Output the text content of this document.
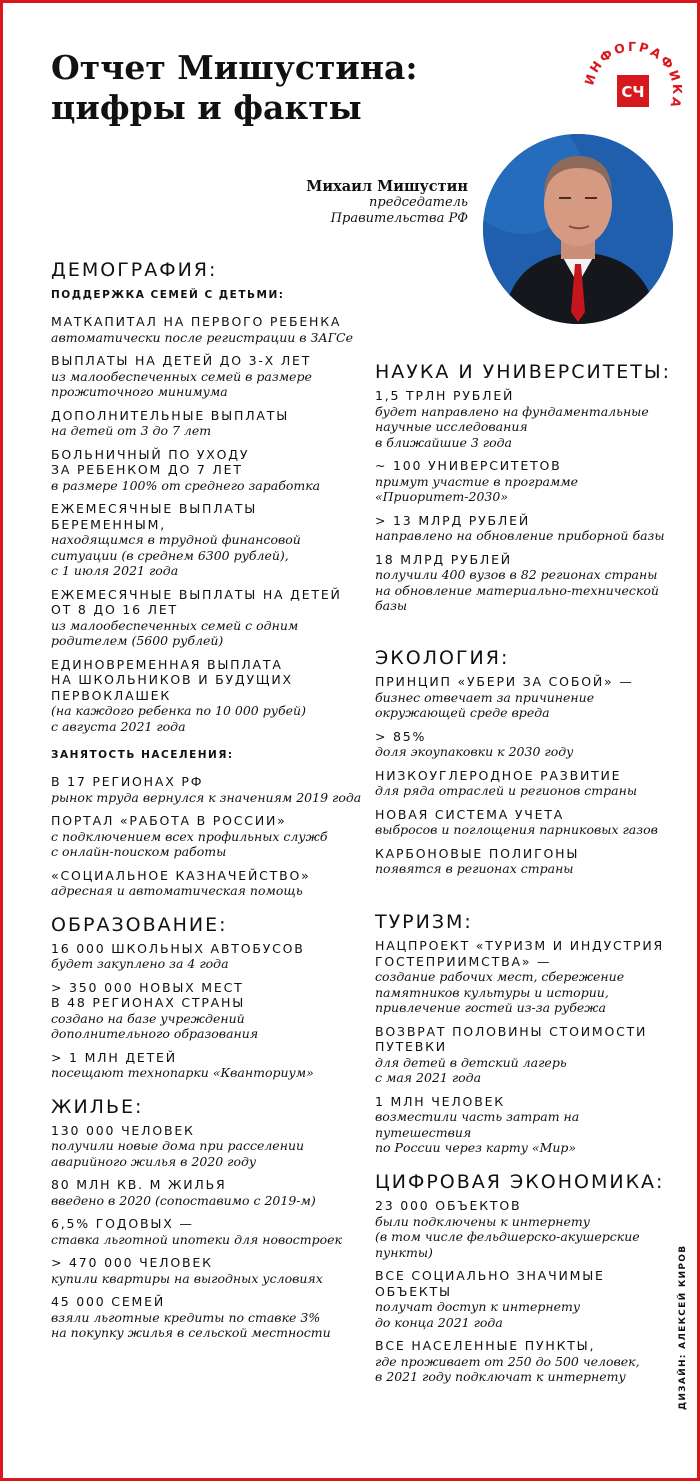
Отчет Мишустина:
цифры и факты
ИНФОГРАФИКА
СЧ
Михаил Мишустин
председатель Правительства РФ
ДЕМОГРАФИЯ:
ПОДДЕРЖКА СЕМЕЙ С ДЕТЬМИ:
МАТКАПИТАЛ НА ПЕРВОГО РЕБЕНКА
автоматически после регистрации в ЗАГСе
ВЫПЛАТЫ НА ДЕТЕЙ ДО 3-Х ЛЕТ
из малообеспеченных семей в размере
прожиточного минимума
ДОПОЛНИТЕЛЬНЫЕ ВЫПЛАТЫ
на детей от 3 до 7 лет
БОЛЬНИЧНЫЙ ПО УХОДУ
ЗА РЕБЕНКОМ ДО 7 ЛЕТ
в размере 100% от среднего заработка
ЕЖЕМЕСЯЧНЫЕ ВЫПЛАТЫ
БЕРЕМЕННЫМ,
находящимся в трудной финансовой
ситуации (в среднем 6300 рублей),
с 1 июля 2021 года
ЕЖЕМЕСЯЧНЫЕ ВЫПЛАТЫ НА ДЕТЕЙ
ОТ 8 ДО 16 ЛЕТ
из малообеспеченных семей с одним
родителем (5600 рублей)
ЕДИНОВРЕМЕННАЯ ВЫПЛАТА
НА ШКОЛЬНИКОВ И БУДУЩИХ
ПЕРВОКЛАШЕК
(на каждого ребенка по 10 000 рубей)
с августа 2021 года
ЗАНЯТОСТЬ НАСЕЛЕНИЯ:
В 17 РЕГИОНАХ РФ
рынок труда вернулся к значениям 2019 года
ПОРТАЛ «РАБОТА В РОССИИ»
с подключением всех профильных служб
с онлайн-поиском работы
«СОЦИАЛЬНОЕ КАЗНАЧЕЙСТВО»
адресная и автоматическая помощь
ОБРАЗОВАНИЕ:
16 000 ШКОЛЬНЫХ АВТОБУСОВ
будет закуплено за 4 года
> 350 000 НОВЫХ МЕСТ
В 48 РЕГИОНАХ СТРАНЫ
создано на базе учреждений
дополнительного образования
> 1 МЛН ДЕТЕЙ
посещают технопарки «Кванториум»
ЖИЛЬЕ:
130 000 ЧЕЛОВЕК
получили новые дома при расселении
аварийного жилья в 2020 году
80 МЛН КВ. М ЖИЛЬЯ
введено в 2020 (сопоставимо с 2019-м)
6,5% ГОДОВЫХ —
ставка льготной ипотеки для новостроек
> 470 000 ЧЕЛОВЕК
купили квартиры на выгодных условиях
45 000 СЕМЕЙ
взяли льготные кредиты по ставке 3%
на покупку жилья в сельской местности
НАУКА И УНИВЕРСИТЕТЫ:
1,5 ТРЛН РУБЛЕЙ
будет направлено на фундаментальные
научные исследования
в ближайшие 3 года
~ 100 УНИВЕРСИТЕТОВ
примут участие в программе
«Приоритет-2030»
> 13 МЛРД РУБЛЕЙ
направлено на обновление приборной базы
18 МЛРД РУБЛЕЙ
получили 400 вузов в 82 регионах страны
на обновление материально-технической
базы
ЭКОЛОГИЯ:
ПРИНЦИП «УБЕРИ ЗА СОБОЙ» —
бизнес отвечает за причинение
окружающей среде вреда
> 85%
доля экоупаковки к 2030 году
НИЗКОУГЛЕРОДНОЕ РАЗВИТИЕ
для ряда отраслей и регионов страны
НОВАЯ СИСТЕМА УЧЕТА
выбросов и поглощения парниковых газов
КАРБОНОВЫЕ ПОЛИГОНЫ
появятся в регионах страны
ТУРИЗМ:
НАЦПРОЕКТ «ТУРИЗМ И ИНДУСТРИЯ
ГОСТЕПРИИМСТВА» —
создание рабочих мест, сбережение
памятников культуры и истории,
привлечение гостей из-за рубежа
ВОЗВРАТ ПОЛОВИНЫ СТОИМОСТИ
ПУТЕВКИ
для детей в детский лагерь
с мая 2021 года
1 МЛН ЧЕЛОВЕК
возместили часть затрат на путешествия
по России через карту «Мир»
ЦИФРОВАЯ ЭКОНОМИКА:
23 000 ОБЪЕКТОВ
были подключены к интернету
(в том числе фельдшерско-акушерские
пункты)
ВСЕ СОЦИАЛЬНО ЗНАЧИМЫЕ
ОБЪЕКТЫ
получат доступ к интернету
до конца 2021 года
ВСЕ НАСЕЛЕННЫЕ ПУНКТЫ,
где проживает от 250 до 500 человек,
в 2021 году подключат к интернету	ДИЗАЙН: АЛЕКСЕЙ КИРОВ
